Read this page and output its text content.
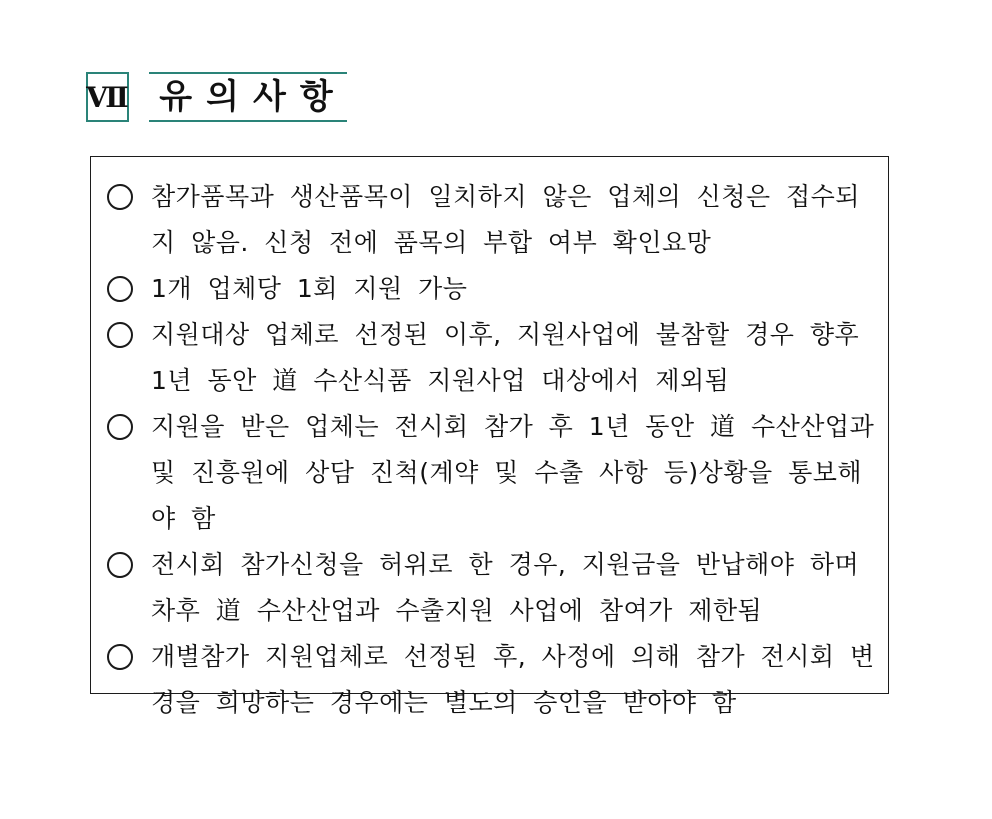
Ⅶ 유의사항
참가품목과 생산품목이 일치하지 않은 업체의 신청은 접수되지 않음. 신청 전에 품목의 부합 여부 확인요망
1개 업체당 1회 지원 가능
지원대상 업체로 선정된 이후, 지원사업에 불참할 경우 향후 1년 동안 道 수산식품 지원사업 대상에서 제외됨
지원을 받은 업체는 전시회 참가 후 1년 동안 道 수산산업과 및 진흥원에 상담 진척(계약 및 수출 사항 등)상황을 통보해야 함
전시회 참가신청을 허위로 한 경우, 지원금을 반납해야 하며 차후 道 수산산업과 수출지원 사업에 참여가 제한됨
개별참가 지원업체로 선정된 후, 사정에 의해 참가 전시회 변경을 희망하는 경우에는 별도의 승인을 받아야 함
